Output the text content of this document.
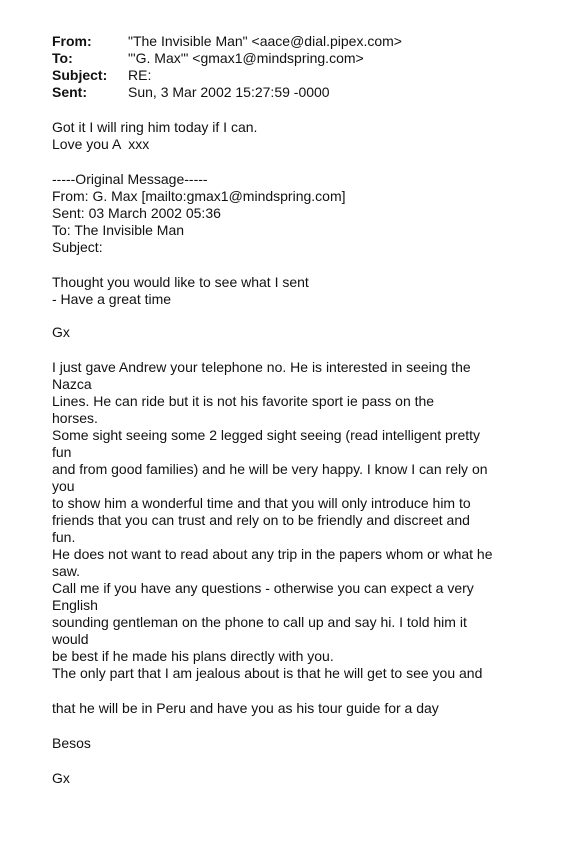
From:	"The Invisible Man" <aace@dial.pipex.com>
To:	"'G. Max'" <gmax1@mindspring.com>
Subject:	RE:
Sent:	Sun, 3 Mar 2002 15:27:59 -0000
Got it I will ring him today if I can.
Love you A  xxx
-----Original Message-----
From: G. Max [mailto:gmax1@mindspring.com]
Sent: 03 March 2002 05:36
To: The Invisible Man
Subject:
Thought you would like to see what I sent
- Have a great time
Gx
I just gave Andrew your telephone no. He is interested in seeing the
Nazca
Lines. He can ride but it is not his favorite sport ie pass on the
horses.
Some sight seeing some 2 legged sight seeing (read intelligent pretty
fun
and from good families) and he will be very happy. I know I can rely on
you
to show him a wonderful time and that you will only introduce him to
friends that you can trust and rely on to be friendly and discreet and
fun.
He does not want to read about any trip in the papers whom or what he
saw.
Call me if you have any questions - otherwise you can expect a very
English
sounding gentleman on the phone to call up and say hi. I told him it
would
be best if he made his plans directly with you.
The only part that I am jealous about is that he will get to see you and
that he will be in Peru and have you as his tour guide for a day
Besos
Gx
